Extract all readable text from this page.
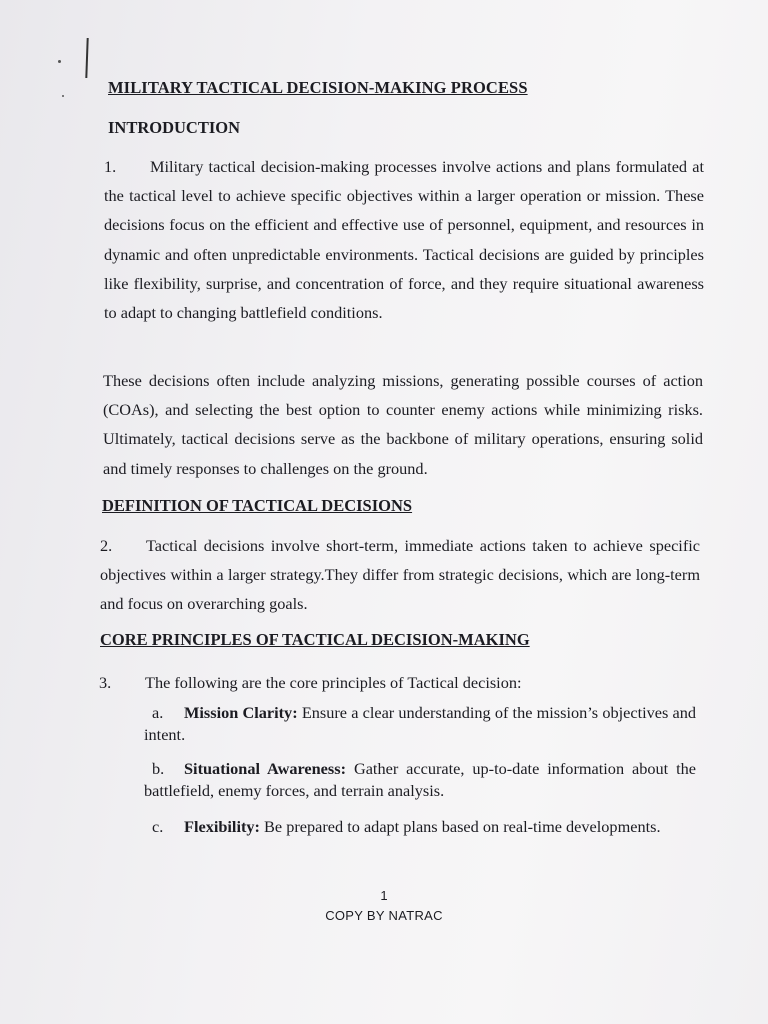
MILITARY TACTICAL DECISION-MAKING PROCESS
INTRODUCTION

1. Military tactical decision-making processes involve actions and plans formulated at the tactical level to achieve specific objectives within a larger operation or mission. These decisions focus on the efficient and effective use of personnel, equipment, and resources in dynamic and often unpredictable environments. Tactical decisions are guided by principles like flexibility, surprise, and concentration of force, and they require situational awareness to adapt to changing battlefield conditions.

These decisions often include analyzing missions, generating possible courses of action (COAs), and selecting the best option to counter enemy actions while minimizing risks. Ultimately, tactical decisions serve as the backbone of military operations, ensuring solid and timely responses to challenges on the ground.

DEFINITION OF TACTICAL DECISIONS

2. Tactical decisions involve short-term, immediate actions taken to achieve specific objectives within a larger strategy.They differ from strategic decisions, which are long-term and focus on overarching goals.

CORE PRINCIPLES OF TACTICAL DECISION-MAKING

3. The following are the core principles of Tactical decision:

a. Mission Clarity: Ensure a clear understanding of the mission’s objectives and intent.

b. Situational Awareness: Gather accurate, up-to-date information about the battlefield, enemy forces, and terrain analysis.

c. Flexibility: Be prepared to adapt plans based on real-time developments.

1
COPY BY NATRAC
